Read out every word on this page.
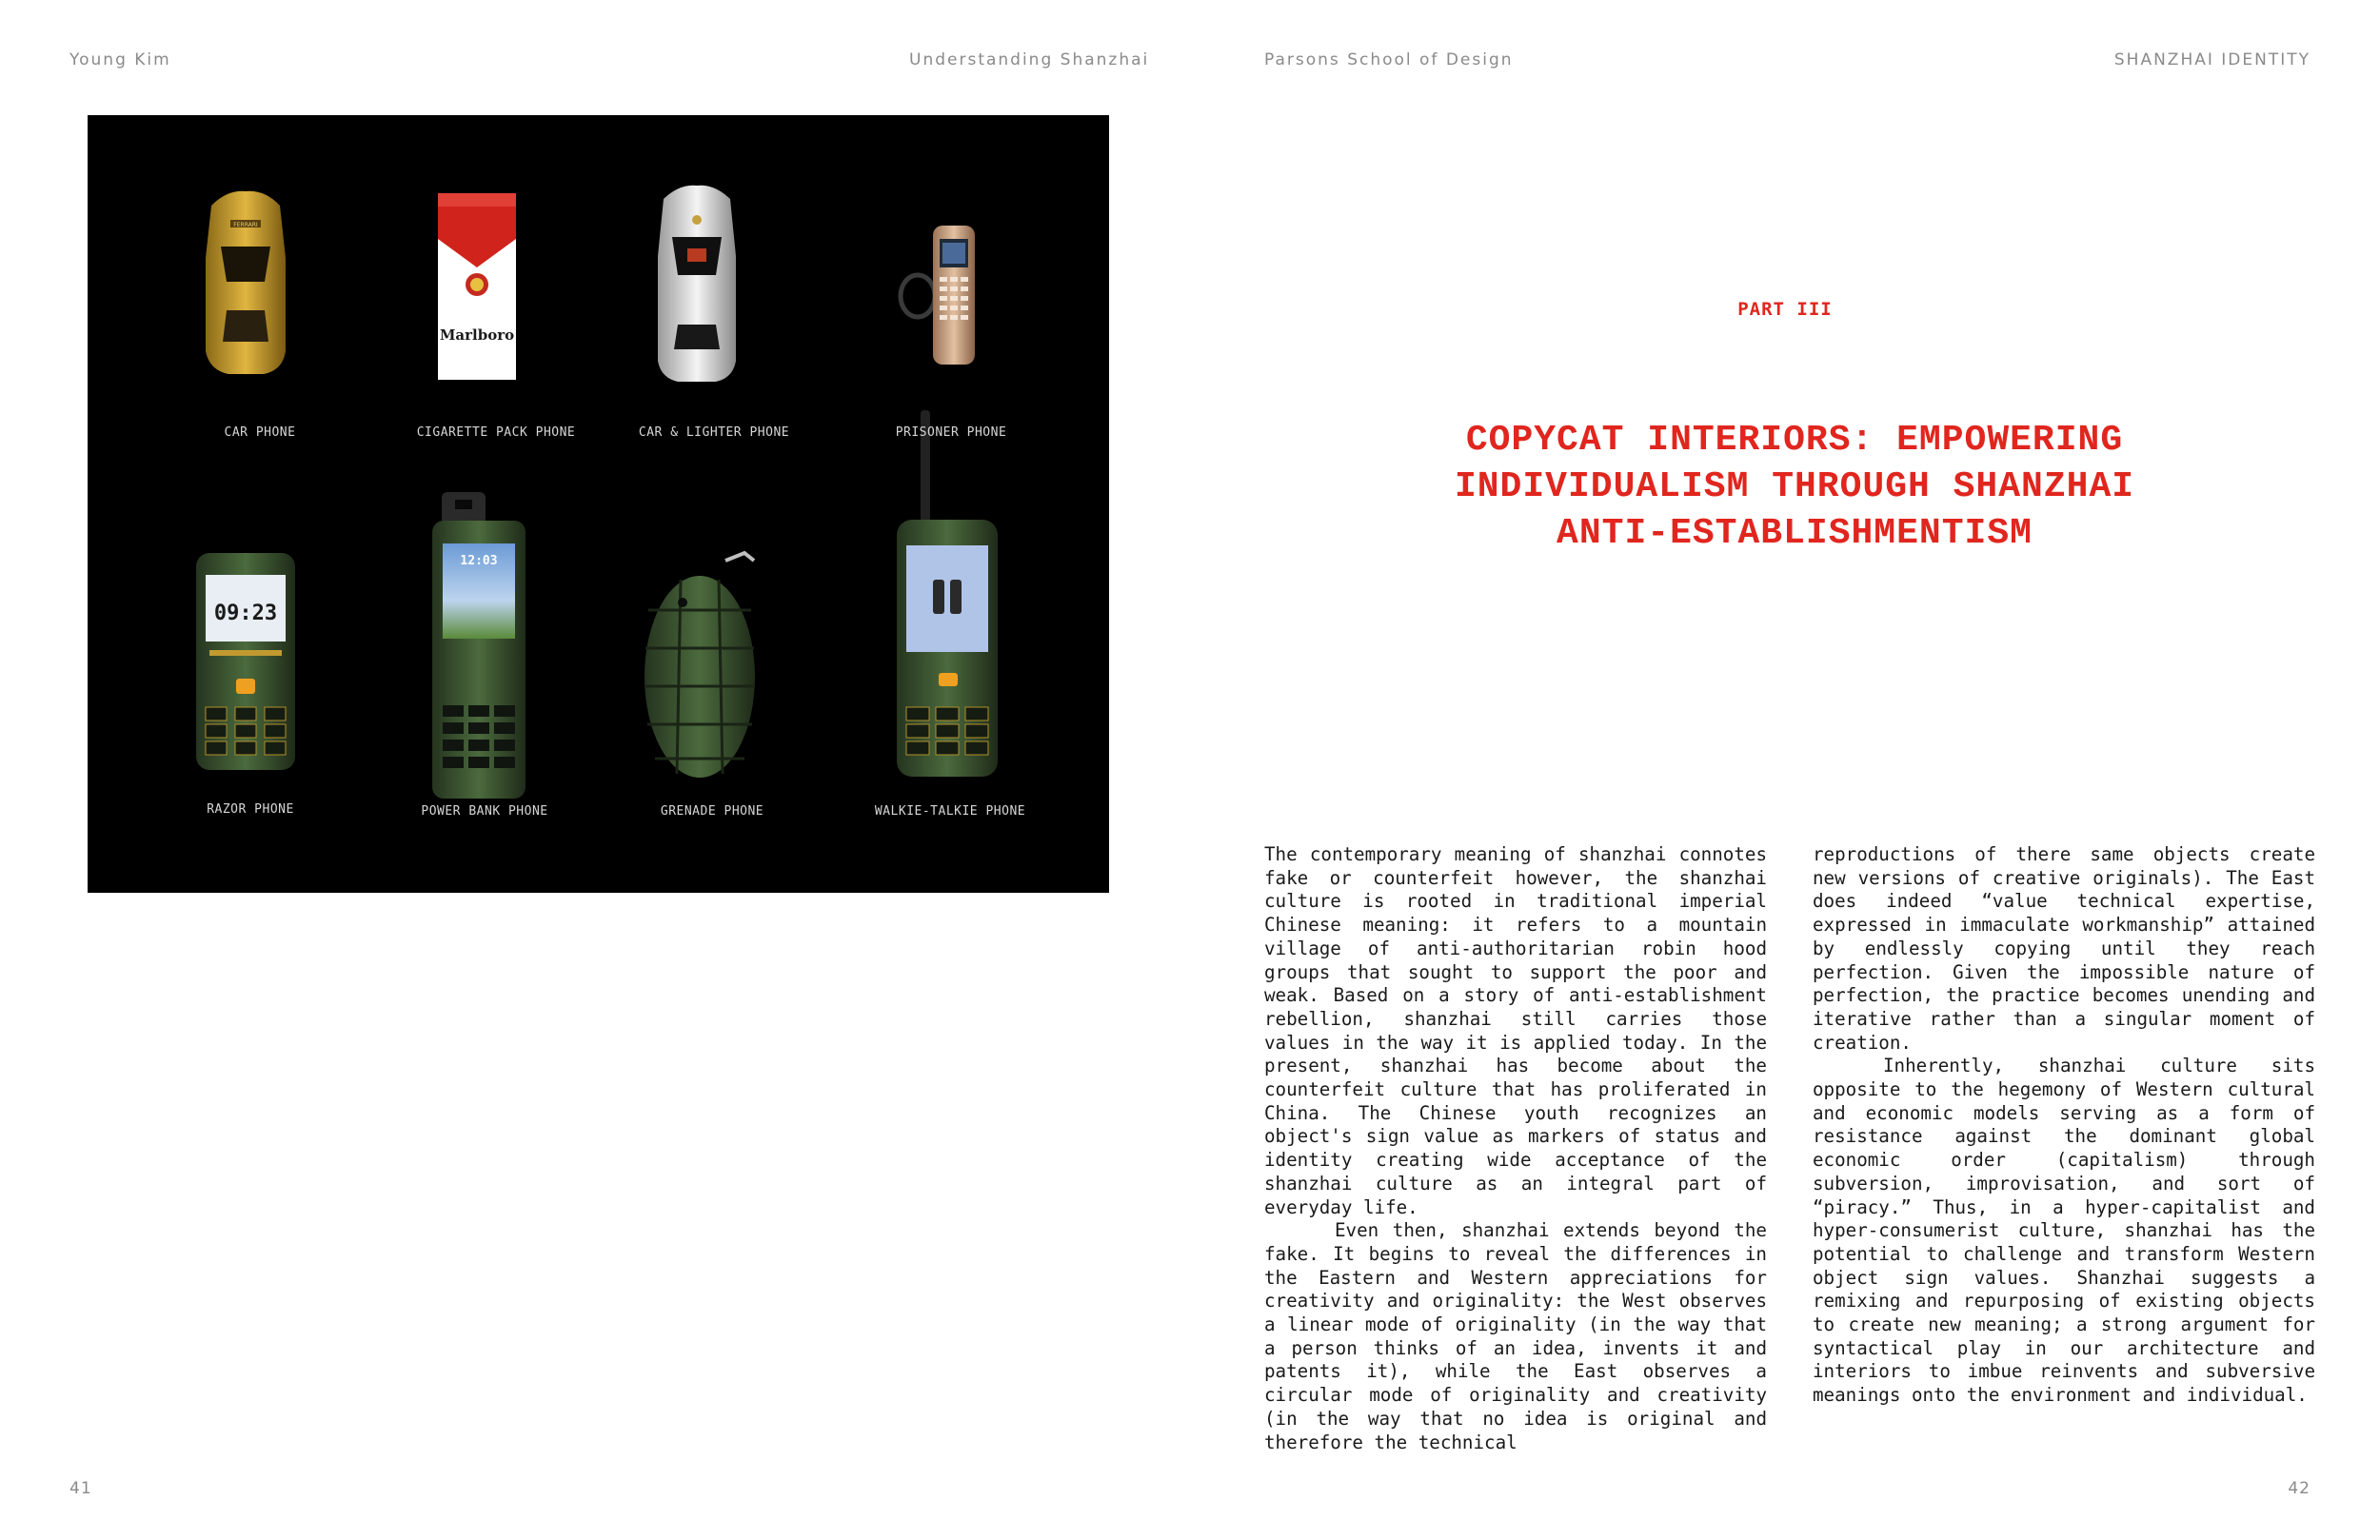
Young Kim	Understanding Shanzhai
FERRARI
Marlboro
09:23
12:03
CAR PHONE	CIGARETTE PACK PHONE	CAR & LIGHTER PHONE	PRISONER PHONE
RAZOR PHONE	POWER BANK PHONE	GRENADE PHONE	WALKIE-TALKIE PHONE
41
Parsons School of Design	SHANZHAI IDENTITY
PART III
COPYCAT INTERIORS: EMPOWERING INDIVIDUALISM THROUGH SHANZHAI ANTI-ESTABLISHMENTISM

The contemporary meaning of shanzhai connotes fake or counterfeit however, the shanzhai culture is rooted in traditional imperial Chinese meaning: it refers to a mountain village of anti-authoritarian robin hood groups that sought to support the poor and weak. Based on a story of anti-establishment rebellion, shanzhai still carries those values in the way it is applied today. In the present, shanzhai has become about the counterfeit culture that has proliferated in China. The Chinese youth recognizes an object's sign value as markers of status and identity creating wide acceptance of the shanzhai culture as an integral part of everyday life.

Even then, shanzhai extends beyond the fake. It begins to reveal the differences in the Eastern and Western appreciations for creativity and originality: the West observes a linear mode of originality (in the way that a person thinks of an idea, invents it and patents it), while the East observes a circular mode of originality and creativity (in the way that no idea is original and therefore the technical

reproductions of there same objects create new versions of creative originals). The East does indeed “value technical expertise, expressed in immaculate workmanship” attained by endlessly copying until they reach perfection. Given the impossible nature of perfection, the practice becomes unending and iterative rather than a singular moment of creation.

Inherently, shanzhai culture sits opposite to the hegemony of Western cultural and economic models serving as a form of resistance against the dominant global economic order (capitalism) through subversion, improvisation, and sort of “piracy.” Thus, in a hyper-capitalist and hyper-consumerist culture, shanzhai has the potential to challenge and transform Western object sign values. Shanzhai suggests a remixing and repurposing of existing objects to create new meaning; a strong argument for syntactical play in our architecture and interiors to imbue reinvents and subversive meanings onto the environment and individual.

42
